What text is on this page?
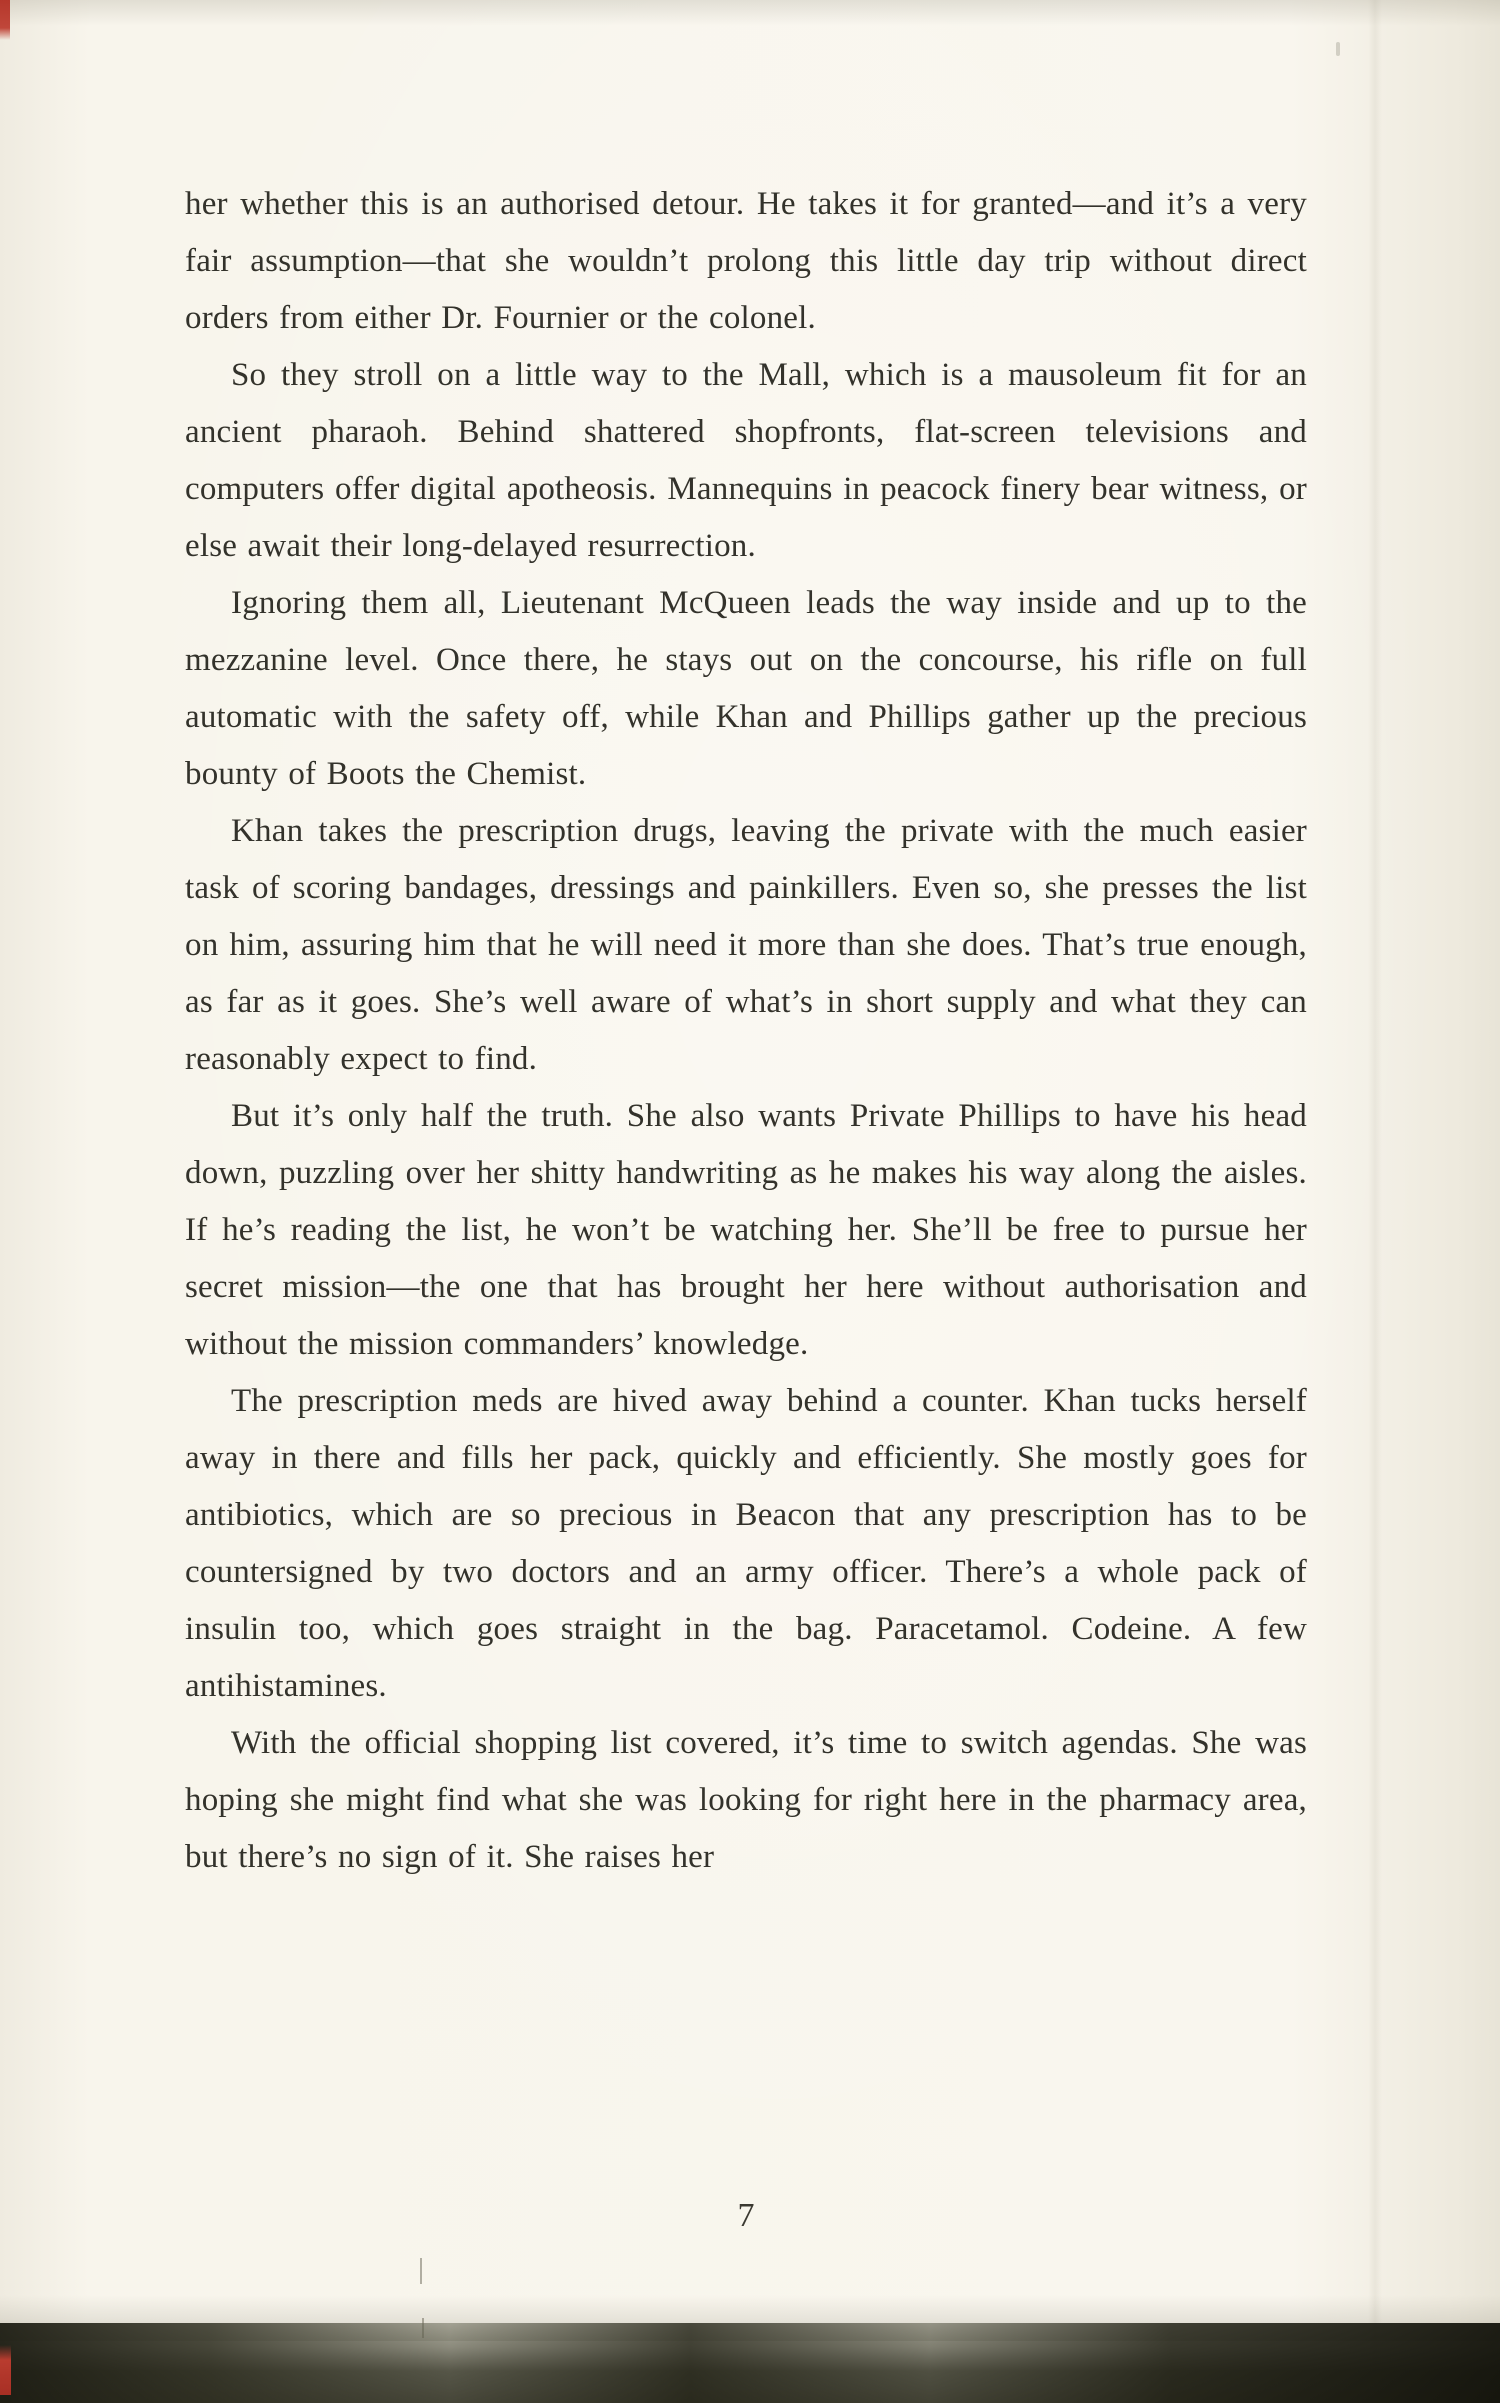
her whether this is an authorised detour. He takes it for granted—and it’s a very fair assumption—that she wouldn’t prolong this little day trip without direct orders from either Dr. Fournier or the colonel.

So they stroll on a little way to the Mall, which is a mausoleum fit for an ancient pharaoh. Behind shattered shopfronts, flat-screen televisions and computers offer digital apotheosis. Mannequins in peacock finery bear witness, or else await their long-delayed resurrection.

Ignoring them all, Lieutenant McQueen leads the way inside and up to the mezzanine level. Once there, he stays out on the concourse, his rifle on full automatic with the safety off, while Khan and Phillips gather up the precious bounty of Boots the Chemist.

Khan takes the prescription drugs, leaving the private with the much easier task of scoring bandages, dressings and painkillers. Even so, she presses the list on him, assuring him that he will need it more than she does. That’s true enough, as far as it goes. She’s well aware of what’s in short supply and what they can reasonably expect to find.

But it’s only half the truth. She also wants Private Phillips to have his head down, puzzling over her shitty handwriting as he makes his way along the aisles. If he’s reading the list, he won’t be watching her. She’ll be free to pursue her secret mission—the one that has brought her here without authorisation and without the mission commanders’ knowledge.

The prescription meds are hived away behind a counter. Khan tucks herself away in there and fills her pack, quickly and efficiently. She mostly goes for antibiotics, which are so precious in Beacon that any prescription has to be countersigned by two doctors and an army officer. There’s a whole pack of insulin too, which goes straight in the bag. Paracetamol. Codeine. A few antihistamines.

With the official shopping list covered, it’s time to switch agendas. She was hoping she might find what she was looking for right here in the pharmacy area, but there’s no sign of it. She raises her

7
